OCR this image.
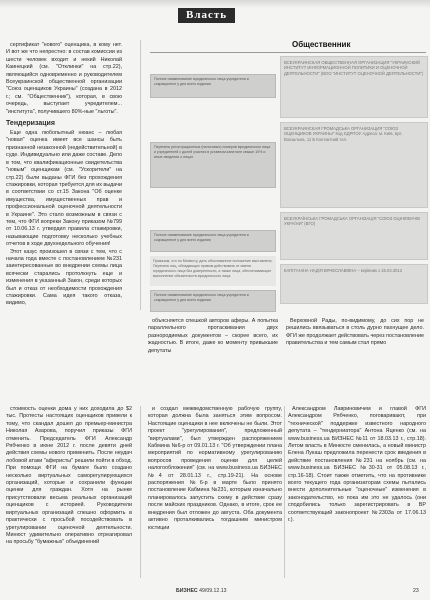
Власть

сертификат "нового" оценщика, в кому нет. И вот же что непрестно: в состав комиссии из шести человек входит и некий Николай Каинецкий (см. "Отклинки" на стр.22), являющийся одновременно и руководителем Всеукраинской общественной организации "Союз оценщиков Украины" (создана в 2012 г.; см. "Общественник"), которая, в свою очередь, выступает учредителем... "института", получившего 80%-ные "льготы".

Тендеризация

Еще одна любопытный нюанс – любая "новая" оценка имеет все шансы быть признанной незаконной (недействительной) в суде. Индивидуально или даже составе. Дело в том, что квалификационные свидетельства "новым" оценщикам (см. "Ускорители" на стр.22) были выданы ФГИ без прохождения стажировки, которая требуется для их выдачи в соответствии со ст.15 Закона "Об оценке имущества, имущественных прав и профессиональной оценочной деятельности в Украине". Это стало возможным в связи с тем, что ФГИ вопреки Закону приказом №799 от 10.06.13 г. утвердил правила стажировки, называющие подготовку несколько учебных отчетов в ходе двухнедельного обучения!

Этот казус произошел в связи с тем, что с начала года вместе с постановлением №231 заинтересованные во внедрении схемы лица всячески старались протолкнуть еще и изменения в указанный Закон, среди которых был и отказ от необходимости прохождения стажировки. Сама идея такого отказа, видимо,

Общественник
Полное наименование юридического лица-учредителя и сокращенное у для всего издания
Перечень регистрационных (налоговых) номеров юридического лица и учредителей с долей участия в уставном капитале свыше 10% и иные сведения о лицах
Полное наименование юридического лица-учредителя и сокращенное у для всего издания
Приказом, что по Минюсту, дать обоснованное положение выставлено. Перечень лиц, обладающих правом действовать от имени юридического лица без доверенности, а также лица, обеспечивающие выполнение обязательств юридического лица.
Полное наименование юридического лица-учредителя и сокращенное у для всего издания
ВСЕУКРАИНСКАЯ ОБЩЕСТВЕННАЯ ОРГАНИЗАЦИЯ "УКРАИНСКИЙ ИНСТИТУТ ИНФОРМАЦИОННОЙ ПОЛИТИКИ И ОЦЕНОЧНОЙ ДЕЯТЕЛЬНОСТИ" (ВОО "ИНСТИТУТ ОЦЕНОЧНОЙ ДЕЯТЕЛЬНОСТИ")
ВСЕУКРАИНСКАЯ ГРОМАДСЬКА ОРГАНИЗАЦИЯ "СОЮЗ ОЦЕНЩИКОВ УКРАИНЫ" Код ЄДРПОУ Адреса: м. Київ, вул. Вокзальна, 11 Б Контактний тел.
ВСЕУКРАЇНСЬКА ГРОМАДСЬКА ОРГАНІЗАЦІЯ "СОЮЗ ОЦІНЮВАЧІВ УКРАЇНИ" (ВГО)
КАПІТАНІНА НАДІЯ ВЯЧЕСЛАВІВНА – керівник з 15.04.2012

объясняется спешкой авторов аферы. А попытка параллельного протаскивания двух разнородиемых документов – скорее всего, их жадностью. В итоге, даже ко моменту привыкшие депутаты

Верховной Рады, по-видимому, до сих пор не решились ввязываться в столь дурно пахнущее дело. ФГИ же продолжает действовать через постановление правительства и тем самым стал прямо

стоимость оценки дома у них доходила до $2 тыс. Протесты настоящих оценщиков привели к тому, что скандал дошел до премьер-министра Николая Азарова, поручил приказы ФГИ отменить. Председатель ФГИ Александр Рябченко в июне 2012 г. после девяти дней действия схемы нового применить. После неудач лобовой атаки "аферисты" решили пойти в обход. При помощи ФГИ на бумаге было создано несколько виртуальных саморегулирующихся организаций, которые и сохранили функции оценки для граждан. Хотя на рынке присутствовали весьма реальных организаций оценщиков с историей. Руководители виртуальных организаций спешно оформить в практически с просьбой посодействовать в урегулировании оценочной деятельности. Минюст удивительно оперативно отреагировал на просьбу "бумажных" объединений

и создал межведомственную рабочую группу, которая должна была заняться этим вопросом. Настоящие оценщики в нее включены не были. Этот проект "урегулирования", предложенный "виртуалами", был утвержден распоряжением Кабмина №6-р от 09.01.13 г. "Об утверждении плана мероприятий по нормативному урегулированию вопросов проведения оценки для целей налогообложения" (см. на www.business.ua БИЗНЕС №4 от 28.01.13 г., стр.19-21). На основе распоряжения №6-р в марте было принято постановление Кабмина №231, которым изначально планировалось запустить схему в действие сразу после майских праздников. Однако, в итоге, срок ее внедрения был отложен до августа. Оба документа активно проталкивались тогдашним министром юстиции

Александром Лавриновичем и главой ФГИ Александром Рябченко, поговаривают, при "технической" поддержке известного народного депутата – "тендерниатора" Антона Яценко (см. на www.business.ua БИЗНЕС №11 от 18.03.13 г., стр.18). Летом власть в Минюсте сменилась, а новый министр Елена Лукаш предложила перенести срок введения в действие постановления №231 на ноябрь (см. на www.business.ua БИЗНЕС №30-31 от 05.08.13 г., стр.16-18). Стоит также отметить, что на противнике всего текущего года организаторам схемы пытались внести дополнительные "оценочные" изменения в законодательство, но пока им это не удалось (они сподобились только зарегистрировать в ВР соответствующий законопроект №2303а от 17.06.13 г.).

БИЗНЕС 49/09.12.13	23
